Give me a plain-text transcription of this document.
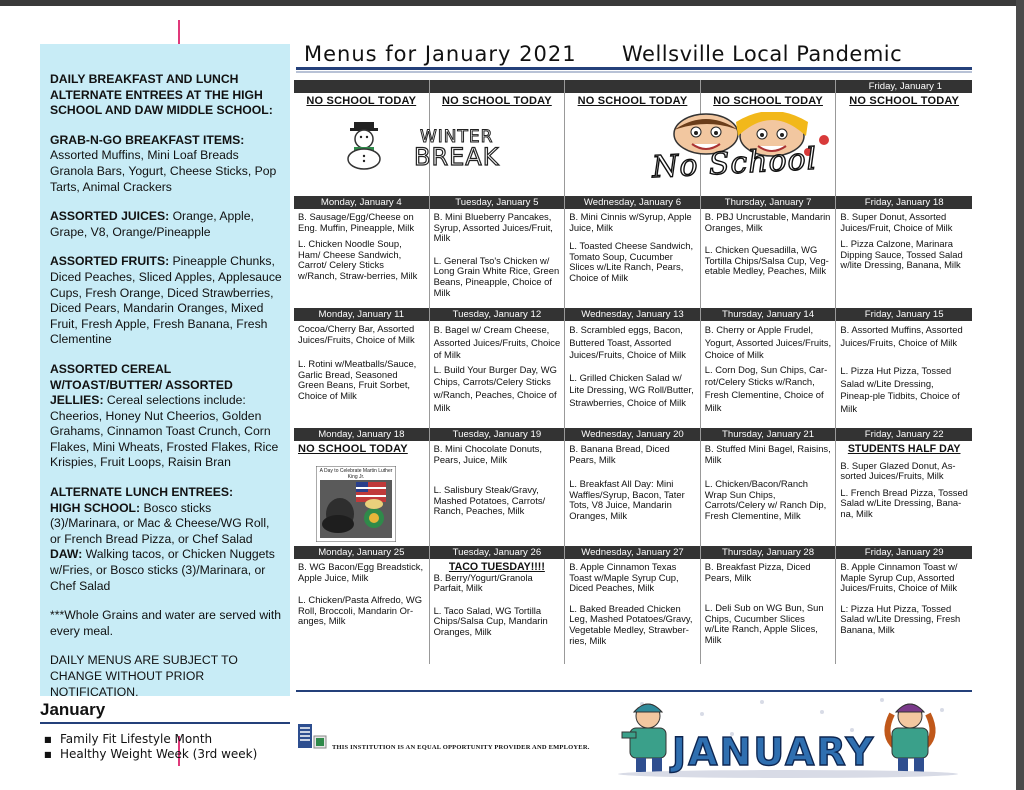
DAILY BREAKFAST AND LUNCH ALTERNATE ENTREES AT THE HIGH SCHOOL AND DAW MIDDLE SCHOOL:

GRAB-N-GO BREAKFAST ITEMS: Assorted Muffins, Mini Loaf Breads Granola Bars, Yogurt, Cheese Sticks, Pop Tarts, Animal Crackers

ASSORTED JUICES: Orange, Apple, Grape, V8, Orange/Pineapple

ASSORTED FRUITS: Pineapple Chunks, Diced Peaches, Sliced Apples, Applesauce Cups, Fresh Orange, Diced Strawberries, Diced Pears, Mandarin Oranges, Mixed Fruit, Fresh Apple, Fresh Banana, Fresh Clementine

ASSORTED CEREAL W/TOAST/BUTTER/ ASSORTED JELLIES: Cereal selections include: Cheerios, Honey Nut Cheerios, Golden Grahams, Cinnamon Toast Crunch, Corn Flakes, Mini Wheats, Frosted Flakes, Rice Krispies, Fruit Loops, Raisin Bran

ALTERNATE LUNCH ENTREES:
HIGH SCHOOL: Bosco sticks (3)/Marinara, or Mac & Cheese/WG Roll, or French Bread Pizza, or Chef Salad
DAW: Walking tacos, or Chicken Nuggets w/Fries, or Bosco sticks (3)/Marinara, or Chef Salad

***Whole Grains and water are served with every meal.

DAILY MENUS ARE SUBJECT TO CHANGE WITHOUT PRIOR NOTIFICATION.

January
■ Family Fit Lifestyle Month
■ Healthy Weight Week (3rd week)
Menus for January 2021 Wellsville Local Pandemic
NO SCHOOL TODAY	NO SCHOOL TODAY	NO SCHOOL TODAY	NO SCHOOL TODAY
Friday, January 1
NO SCHOOL TODAY
Monday, January 4
B. Sausage/Egg/Cheese on Eng. Muffin, Pineapple, Milk
L. Chicken Noodle Soup, Ham/ Cheese Sandwich, Carrot/ Celery Sticks w/Ranch, Straw-berries, Milk
Tuesday, January 5
B. Mini Blueberry Pancakes, Syrup, Assorted Juices/Fruit, Milk
L. General Tso's Chicken w/ Long Grain White Rice, Green Beans, Pineapple, Choice of Milk
Wednesday, January 6
B. Mini Cinnis w/Syrup, Apple Juice, Milk
L. Toasted Cheese Sandwich, Tomato Soup, Cucumber Slices w/Lite Ranch, Pears, Choice of Milk
Thursday, January 7
B. PBJ Uncrustable, Mandarin Oranges, Milk
L. Chicken Quesadilla, WG Tortilla Chips/Salsa Cup, Veg-etable Medley, Peaches, Milk
Friday, January 18
B. Super Donut, Assorted Juices/Fruit, Choice of Milk
L. Pizza Calzone, Marinara Dipping Sauce, Tossed Salad w/lite Dressing, Banana, Milk
Monday, January 11
Cocoa/Cherry Bar, Assorted Juices/Fruits, Choice of Milk
L. Rotini w/Meatballs/Sauce, Garlic Bread, Seasoned Green Beans, Fruit Sorbet, Choice of Milk
Tuesday, January 12
B. Bagel w/ Cream Cheese, Assorted Juices/Fruits, Choice of Milk
L. Build Your Burger Day, WG Chips, Carrots/Celery Sticks w/Ranch, Peaches, Choice of Milk
Wednesday, January 13
B. Scrambled eggs, Bacon, Buttered Toast, Assorted Juices/Fruits, Choice of Milk
L. Grilled Chicken Salad w/ Lite Dressing, WG Roll/Butter, Strawberries, Choice of Milk
Thursday, January 14
B. Cherry or Apple Frudel, Yogurt, Assorted Juices/Fruits, Choice of Milk
L. Corn Dog, Sun Chips, Car-rot/Celery Sticks w/Ranch, Fresh Clementine, Choice of Milk
Friday, January 15
B. Assorted Muffins, Assorted Juices/Fruits, Choice of Milk
L. Pizza Hut Pizza, Tossed Salad w/Lite Dressing, Pineap-ple Tidbits, Choice of Milk
Monday, January 18
NO SCHOOL TODAY
A Day to Celebrate Martin Luther King Jr.
Tuesday, January 19
B. Mini Chocolate Donuts, Pears, Juice, Milk
L. Salisbury Steak/Gravy, Mashed Potatoes, Carrots/ Ranch, Peaches, Milk
Wednesday, January 20
B. Banana Bread, Diced Pears, Milk
L. Breakfast All Day: Mini Waffles/Syrup, Bacon, Tater Tots, V8 Juice, Mandarin Oranges, Milk
Thursday, January 21
B. Stuffed Mini Bagel, Raisins, Milk
L. Chicken/Bacon/Ranch Wrap Sun Chips, Carrots/Celery w/ Ranch Dip, Fresh Clementine, Milk
Friday, January 22
STUDENTS HALF DAY
B. Super Glazed Donut, As-sorted Juices/Fruits, Milk
L. French Bread Pizza, Tossed Salad w/Lite Dressing, Bana-na, Milk
Monday, January 25
B. WG Bacon/Egg Breadstick, Apple Juice, Milk
L. Chicken/Pasta Alfredo, WG Roll, Broccoli, Mandarin Or-anges, Milk
Tuesday, January 26
TACO TUESDAY!!!!
B. Berry/Yogurt/Granola Parfait, Milk
L. Taco Salad, WG Tortilla Chips/Salsa Cup, Mandarin Oranges, Milk
Wednesday, January 27
B. Apple Cinnamon Texas Toast w/Maple Syrup Cup, Diced Peaches, Milk
L. Baked Breaded Chicken Leg, Mashed Potatoes/Gravy, Vegetable Medley, Strawber-ries, Milk
Thursday, January 28
B. Breakfast Pizza, Diced Pears, Milk
L. Deli Sub on WG Bun, Sun Chips, Cucumber Slices w/Lite Ranch, Apple Slices, Milk
Friday, January 29
B. Apple Cinnamon Toast w/ Maple Syrup Cup, Assorted Juices/Fruits, Choice of Milk
L: Pizza Hut Pizza, Tossed Salad w/Lite Dressing, Fresh Banana, Milk
WINTER
BREAK	No School
THIS INSTITUTION IS AN EQUAL OPPORTUNITY PROVIDER AND EMPLOYER. JANUARY
